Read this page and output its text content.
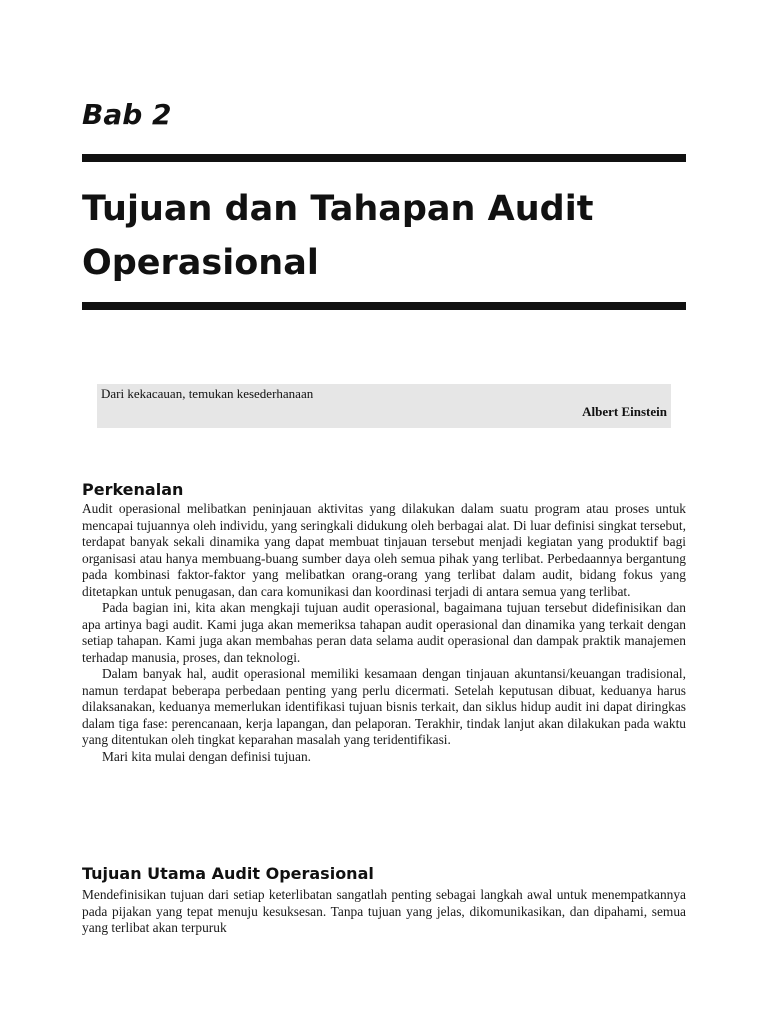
Bab 2
Tujuan dan Tahapan Audit Operasional
Dari kekacauan, temukan kesederhanaan
Albert Einstein
Perkenalan

Audit operasional melibatkan peninjauan aktivitas yang dilakukan dalam suatu program atau proses untuk mencapai tujuannya oleh individu, yang seringkali didukung oleh berbagai alat. Di luar definisi singkat tersebut, terdapat banyak sekali dinamika yang dapat membuat tinjauan tersebut menjadi kegiatan yang produktif bagi organisasi atau hanya membuang-buang sumber daya oleh semua pihak yang terlibat. Perbedaannya bergantung pada kombinasi faktor-faktor yang melibatkan orang-orang yang terlibat dalam audit, bidang fokus yang ditetapkan untuk penugasan, dan cara komunikasi dan koordinasi terjadi di antara semua yang terlibat.

Pada bagian ini, kita akan mengkaji tujuan audit operasional, bagaimana tujuan tersebut didefinisikan dan apa artinya bagi audit. Kami juga akan memeriksa tahapan audit operasional dan dinamika yang terkait dengan setiap tahapan. Kami juga akan membahas peran data selama audit operasional dan dampak praktik manajemen terhadap manusia, proses, dan teknologi.

Dalam banyak hal, audit operasional memiliki kesamaan dengan tinjauan akuntansi/keuangan tradisional, namun terdapat beberapa perbedaan penting yang perlu dicermati. Setelah keputusan dibuat, keduanya harus dilaksanakan, keduanya memerlukan identifikasi tujuan bisnis terkait, dan siklus hidup audit ini dapat diringkas dalam tiga fase: perencanaan, kerja lapangan, dan pelaporan. Terakhir, tindak lanjut akan dilakukan pada waktu yang ditentukan oleh tingkat keparahan masalah yang teridentifikasi.

Mari kita mulai dengan definisi tujuan.

Tujuan Utama Audit Operasional

Mendefinisikan tujuan dari setiap keterlibatan sangatlah penting sebagai langkah awal untuk menempatkannya pada pijakan yang tepat menuju kesuksesan. Tanpa tujuan yang jelas, dikomunikasikan, dan dipahami, semua yang terlibat akan terpuruk
